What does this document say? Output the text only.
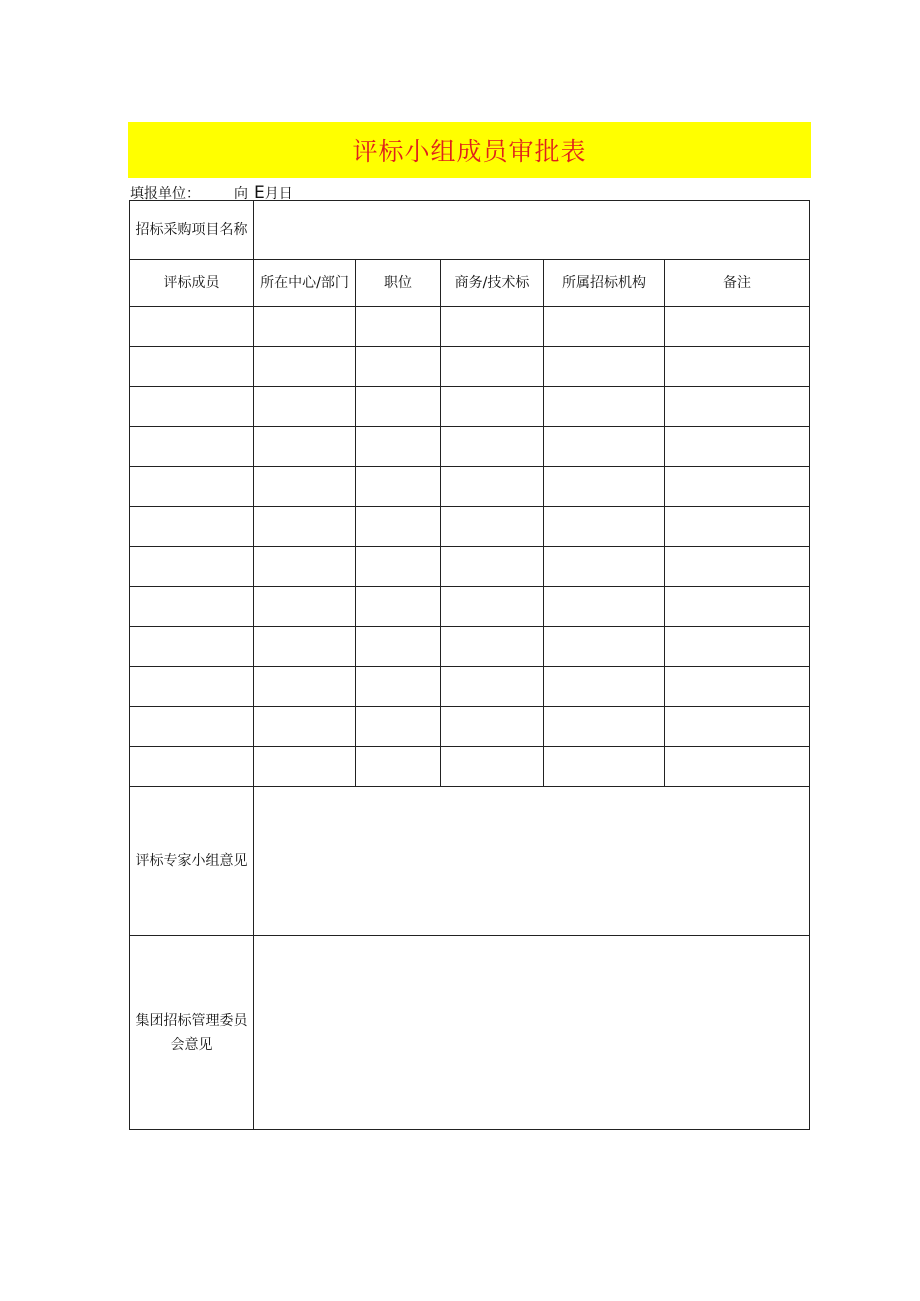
评标小组成员审批表
填报单位： 向 E月日
招标采购项目名称					
评标成员	所在中心/部门	职位	商务/技术标	所属招标机构	备注

评标专家小组意见					

集团招标管理委员
会意见					
